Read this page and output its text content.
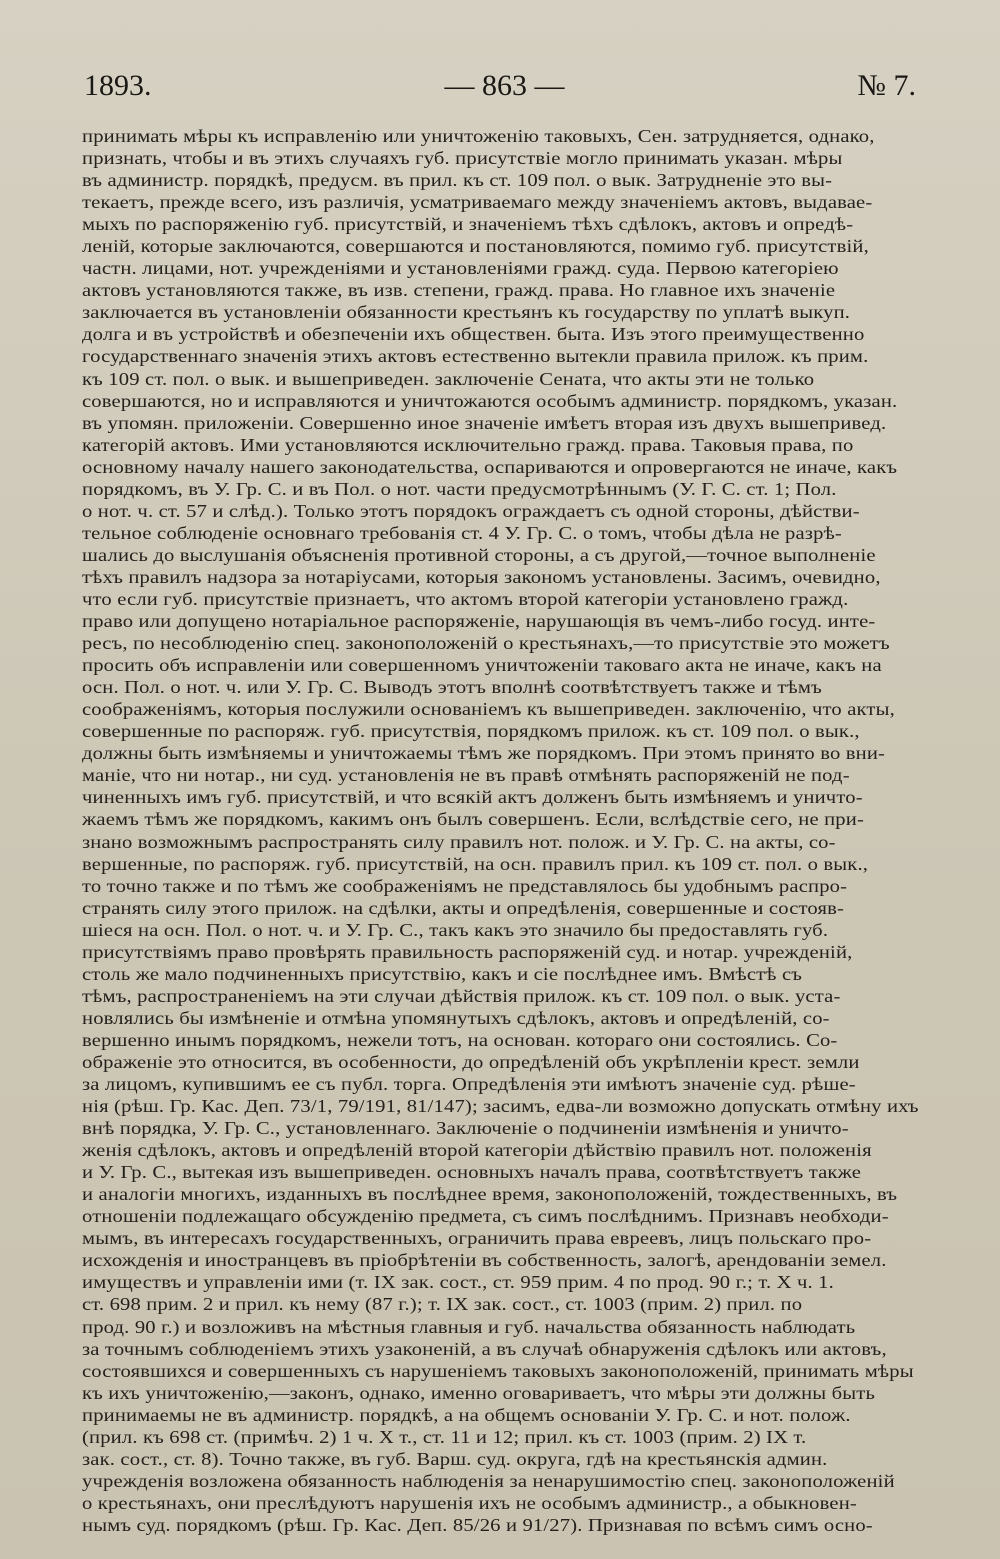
1893.	— 863 —	№ 7.
принимать мѣры къ исправленію или уничтоженію таковыхъ, Сен. затрудняется, однако,
признать, чтобы и въ этихъ случаяхъ губ. присутствіе могло принимать указан. мѣры
въ администр. порядкѣ, предусм. въ прил. къ ст. 109 пол. о вык. Затрудненіе это вы-
текаетъ, прежде всего, изъ различія, усматриваемаго между значеніемъ актовъ, выдавае-
мыхъ по распоряженію губ. присутствій, и значеніемъ тѣхъ сдѣлокъ, актовъ и опредѣ-
леній, которые заключаются, совершаются и постановляются, помимо губ. присутствій,
частн. лицами, нот. учрежденіями и установленіями гражд. суда. Первою категоріею
актовъ установляются также, въ изв. степени, гражд. права. Но главное ихъ значеніе
заключается въ установленіи обязанности крестьянъ къ государству по уплатѣ выкуп.
долга и въ устройствѣ и обезпеченіи ихъ обществен. быта. Изъ этого преимущественно
государственнаго значенія этихъ актовъ естественно вытекли правила прилож. къ прим.
къ 109 ст. пол. о вык. и вышеприведен. заключеніе Сената, что акты эти не только
совершаются, но и исправляются и уничтожаются особымъ администр. порядкомъ, указан.
въ упомян. приложеніи. Совершенно иное значеніе имѣетъ вторая изъ двухъ вышепривед.
категорій актовъ. Ими установляются исключительно гражд. права. Таковыя права, по
основному началу нашего законодательства, оспариваются и опровергаются не иначе, какъ
порядкомъ, въ У. Гр. С. и въ Пол. о нот. части предусмотрѣннымъ (У. Г. С. ст. 1; Пол.
о нот. ч. ст. 57 и слѣд.). Только этотъ порядокъ ограждаетъ съ одной стороны, дѣйстви-
тельное соблюденіе основнаго требованія ст. 4 У. Гр. С. о томъ, чтобы дѣла не разрѣ-
шались до выслушанія объясненія противной стороны, а съ другой,—точное выполненіе
тѣхъ правилъ надзора за нотаріусами, которыя закономъ установлены. Засимъ, очевидно,
что если губ. присутствіе признаетъ, что актомъ второй категоріи установлено гражд.
право или допущено нотаріальное распоряженіе, нарушающія въ чемъ-либо госуд. инте-
ресъ, по несоблюденію спец. законоположеній о крестьянахъ,—то присутствіе это можетъ
просить объ исправленіи или совершенномъ уничтоженіи таковаго акта не иначе, какъ на
осн. Пол. о нот. ч. или У. Гр. С. Выводъ этотъ вполнѣ соотвѣтствуетъ также и тѣмъ
соображеніямъ, которыя послужили основаніемъ къ вышеприведен. заключенію, что акты,
совершенные по распоряж. губ. присутствія, порядкомъ прилож. къ ст. 109 пол. о вык.,
должны быть измѣняемы и уничтожаемы тѣмъ же порядкомъ. При этомъ принято во вни-
маніе, что ни нотар., ни суд. установленія не въ правѣ отмѣнять распоряженій не под-
чиненныхъ имъ губ. присутствій, и что всякій актъ долженъ быть измѣняемъ и уничто-
жаемъ тѣмъ же порядкомъ, какимъ онъ былъ совершенъ. Если, вслѣдствіе сего, не при-
знано возможнымъ распространять силу правилъ нот. полож. и У. Гр. С. на акты, со-
вершенные, по распоряж. губ. присутствій, на осн. правилъ прил. къ 109 ст. пол. о вык.,
то точно также и по тѣмъ же соображеніямъ не представлялось бы удобнымъ распро-
странять силу этого прилож. на сдѣлки, акты и опредѣленія, совершенные и состояв-
шіеся на осн. Пол. о нот. ч. и У. Гр. С., такъ какъ это значило бы предоставлять губ.
присутствіямъ право провѣрять правильность распоряженій суд. и нотар. учрежденій,
столь же мало подчиненныхъ присутствію, какъ и сіе послѣднее имъ. Вмѣстѣ съ
тѣмъ, распространеніемъ на эти случаи дѣйствія прилож. къ ст. 109 пол. о вык. уста-
новлялись бы измѣненіе и отмѣна упомянутыхъ сдѣлокъ, актовъ и опредѣленій, со-
вершенно инымъ порядкомъ, нежели тотъ, на основан. котораго они состоялись. Со-
ображеніе это относится, въ особенности, до опредѣленій объ укрѣпленіи крест. земли
за лицомъ, купившимъ ее съ публ. торга. Опредѣленія эти имѣютъ значеніе суд. рѣше-
нія (рѣш. Гр. Кас. Деп. 73/1, 79/191, 81/147); засимъ, едва-ли возможно допускать отмѣну ихъ
внѣ порядка, У. Гр. С., установленнаго. Заключеніе о подчиненіи измѣненія и уничто-
женія сдѣлокъ, актовъ и опредѣленій второй категоріи дѣйствію правилъ нот. положенія
и У. Гр. С., вытекая изъ вышеприведен. основныхъ началъ права, соотвѣтствуетъ также
и аналогіи многихъ, изданныхъ въ послѣднее время, законоположеній, тождественныхъ, въ
отношеніи подлежащаго обсужденію предмета, съ симъ послѣднимъ. Признавъ необходи-
мымъ, въ интересахъ государственныхъ, ограничить права евреевъ, лицъ польскаго про-
исхожденія и иностранцевъ въ пріобрѣтеніи въ собственность, залогѣ, арендованіи земел.
имуществъ и управленіи ими (т. IX зак. сост., ст. 959 прим. 4 по прод. 90 г.; т. X ч. 1.
ст. 698 прим. 2 и прил. къ нему (87 г.); т. IX зак. сост., ст. 1003 (прим. 2) прил. по
прод. 90 г.) и возложивъ на мѣстныя главныя и губ. начальства обязанность наблюдать
за точнымъ соблюденіемъ этихъ узаконеній, а въ случаѣ обнаруженія сдѣлокъ или актовъ,
состоявшихся и совершенныхъ съ нарушеніемъ таковыхъ законоположеній, принимать мѣры
къ ихъ уничтоженію,—законъ, однако, именно оговариваетъ, что мѣры эти должны быть
принимаемы не въ администр. порядкѣ, а на общемъ основаніи У. Гр. С. и нот. полож.
(прил. къ 698 ст. (примѣч. 2) 1 ч. X т., ст. 11 и 12; прил. къ ст. 1003 (прим. 2) IX т.
зак. сост., ст. 8). Точно также, въ губ. Варш. суд. округа, гдѣ на крестьянскія админ.
учрежденія возложена обязанность наблюденія за ненарушимостію спец. законоположеній
о крестьянахъ, они преслѣдуютъ нарушенія ихъ не особымъ администр., а обыкновен-
нымъ суд. порядкомъ (рѣш. Гр. Кас. Деп. 85/26 и 91/27). Признавая по всѣмъ симъ осно-
